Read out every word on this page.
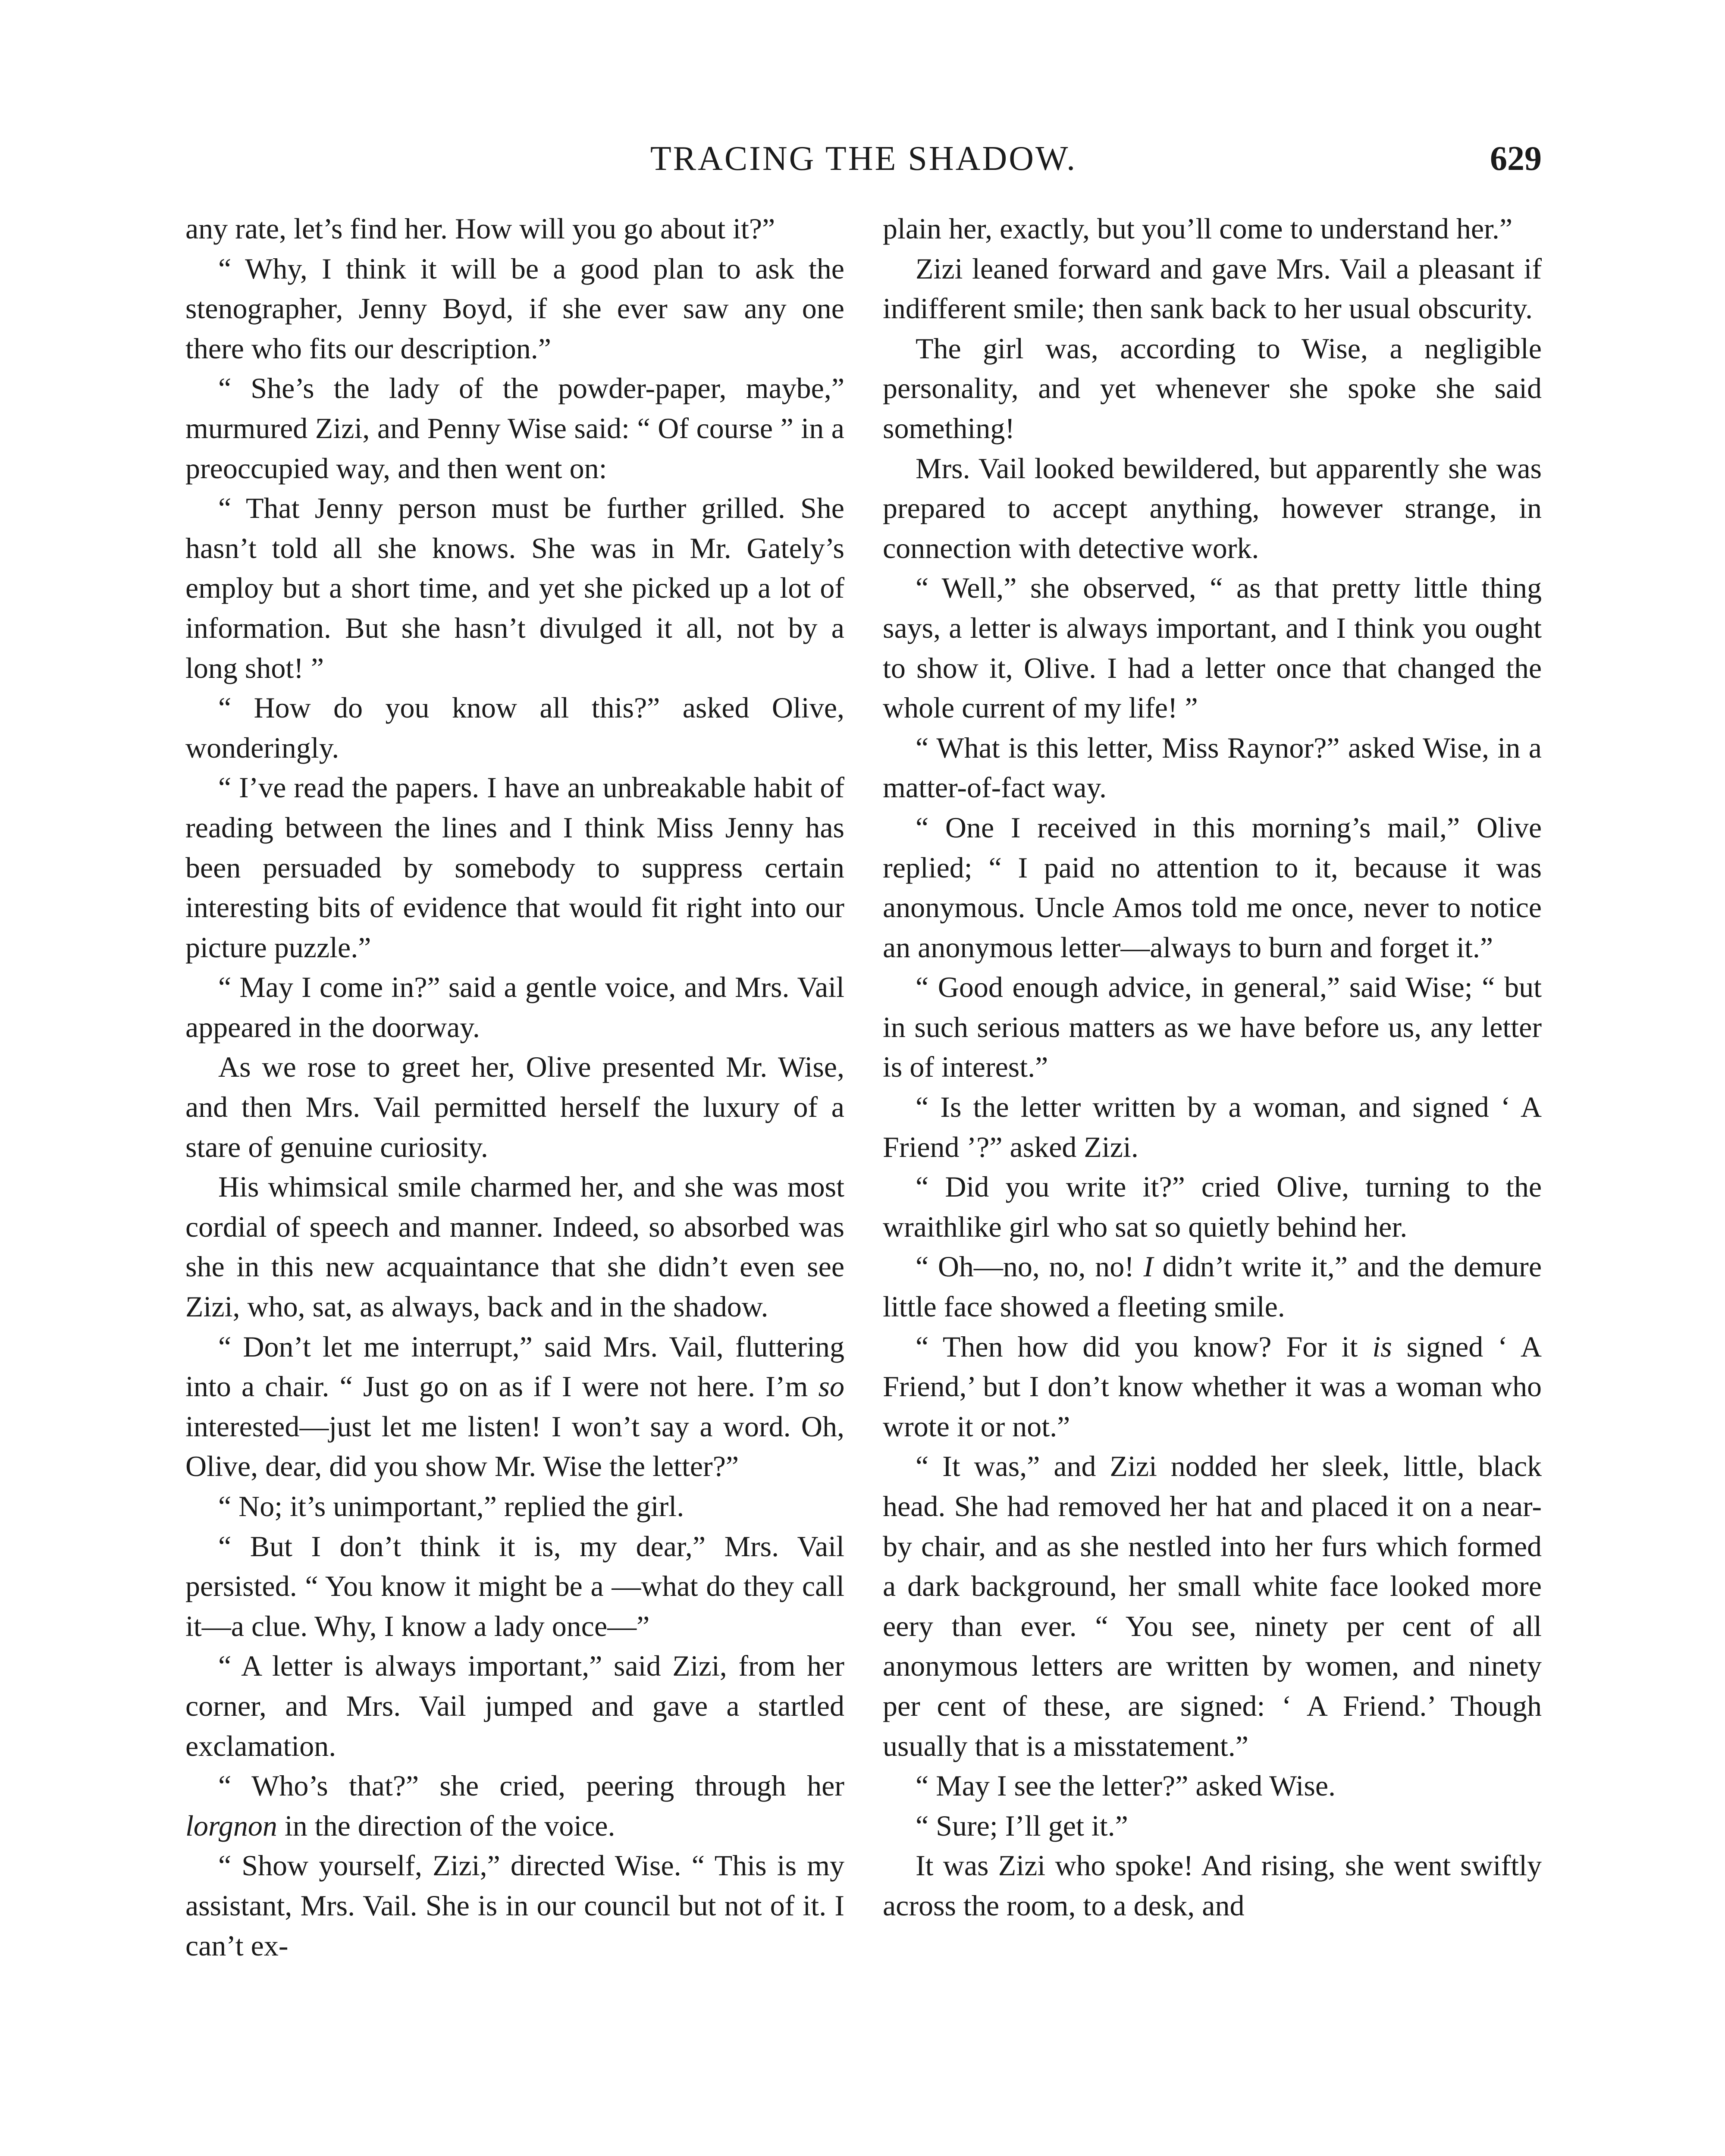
TRACING THE SHADOW.	629

any rate, let’s find her. How will you go about it?”

“ Why, I think it will be a good plan to ask the stenographer, Jenny Boyd, if she ever saw any one there who fits our description.”

“ She’s the lady of the powder-paper, maybe,” murmured Zizi, and Penny Wise said: “ Of course ” in a preoccupied way, and then went on:

“ That Jenny person must be further grilled. She hasn’t told all she knows. She was in Mr. Gately’s employ but a short time, and yet she picked up a lot of information. But she hasn’t divulged it all, not by a long shot! ”

“ How do you know all this?” asked Olive, wonderingly.

“ I’ve read the papers. I have an unbreakable habit of reading between the lines and I think Miss Jenny has been persuaded by somebody to suppress certain interesting bits of evidence that would fit right into our picture puzzle.”

“ May I come in?” said a gentle voice, and Mrs. Vail appeared in the doorway.

As we rose to greet her, Olive presented Mr. Wise, and then Mrs. Vail permitted herself the luxury of a stare of genuine curiosity.

His whimsical smile charmed her, and she was most cordial of speech and manner. Indeed, so absorbed was she in this new acquaintance that she didn’t even see Zizi, who, sat, as always, back and in the shadow.

“ Don’t let me interrupt,” said Mrs. Vail, fluttering into a chair. “ Just go on as if I were not here. I’m so interested—just let me listen! I won’t say a word. Oh, Olive, dear, did you show Mr. Wise the letter?”

“ No; it’s unimportant,” replied the girl.

“ But I don’t think it is, my dear,” Mrs. Vail persisted. “ You know it might be a —what do they call it—a clue. Why, I know a lady once—”

“ A letter is always important,” said Zizi, from her corner, and Mrs. Vail jumped and gave a startled exclamation.

“ Who’s that?” she cried, peering through her lorgnon in the direction of the voice.

“ Show yourself, Zizi,” directed Wise. “ This is my assistant, Mrs. Vail. She is in our council but not of it. I can’t ex-

plain her, exactly, but you’ll come to understand her.”

Zizi leaned forward and gave Mrs. Vail a pleasant if indifferent smile; then sank back to her usual obscurity.

The girl was, according to Wise, a negligible personality, and yet whenever she spoke she said something!

Mrs. Vail looked bewildered, but apparently she was prepared to accept anything, however strange, in connection with detective work.

“ Well,” she observed, “ as that pretty little thing says, a letter is always important, and I think you ought to show it, Olive. I had a letter once that changed the whole current of my life! ”

“ What is this letter, Miss Raynor?” asked Wise, in a matter-of-fact way.

“ One I received in this morning’s mail,” Olive replied; “ I paid no attention to it, because it was anonymous. Uncle Amos told me once, never to notice an anonymous letter—always to burn and forget it.”

“ Good enough advice, in general,” said Wise; “ but in such serious matters as we have before us, any letter is of interest.”

“ Is the letter written by a woman, and signed ‘ A Friend ’?” asked Zizi.

“ Did you write it?” cried Olive, turning to the wraithlike girl who sat so quietly behind her.

“ Oh—no, no, no! I didn’t write it,” and the demure little face showed a fleeting smile.

“ Then how did you know? For it is signed ‘ A Friend,’ but I don’t know whether it was a woman who wrote it or not.”

“ It was,” and Zizi nodded her sleek, little, black head. She had removed her hat and placed it on a near-by chair, and as she nestled into her furs which formed a dark background, her small white face looked more eery than ever. “ You see, ninety per cent of all anonymous letters are written by women, and ninety per cent of these, are signed: ‘ A Friend.’ Though usually that is a misstatement.”

“ May I see the letter?” asked Wise.

“ Sure; I’ll get it.”

It was Zizi who spoke! And rising, she went swiftly across the room, to a desk, and
